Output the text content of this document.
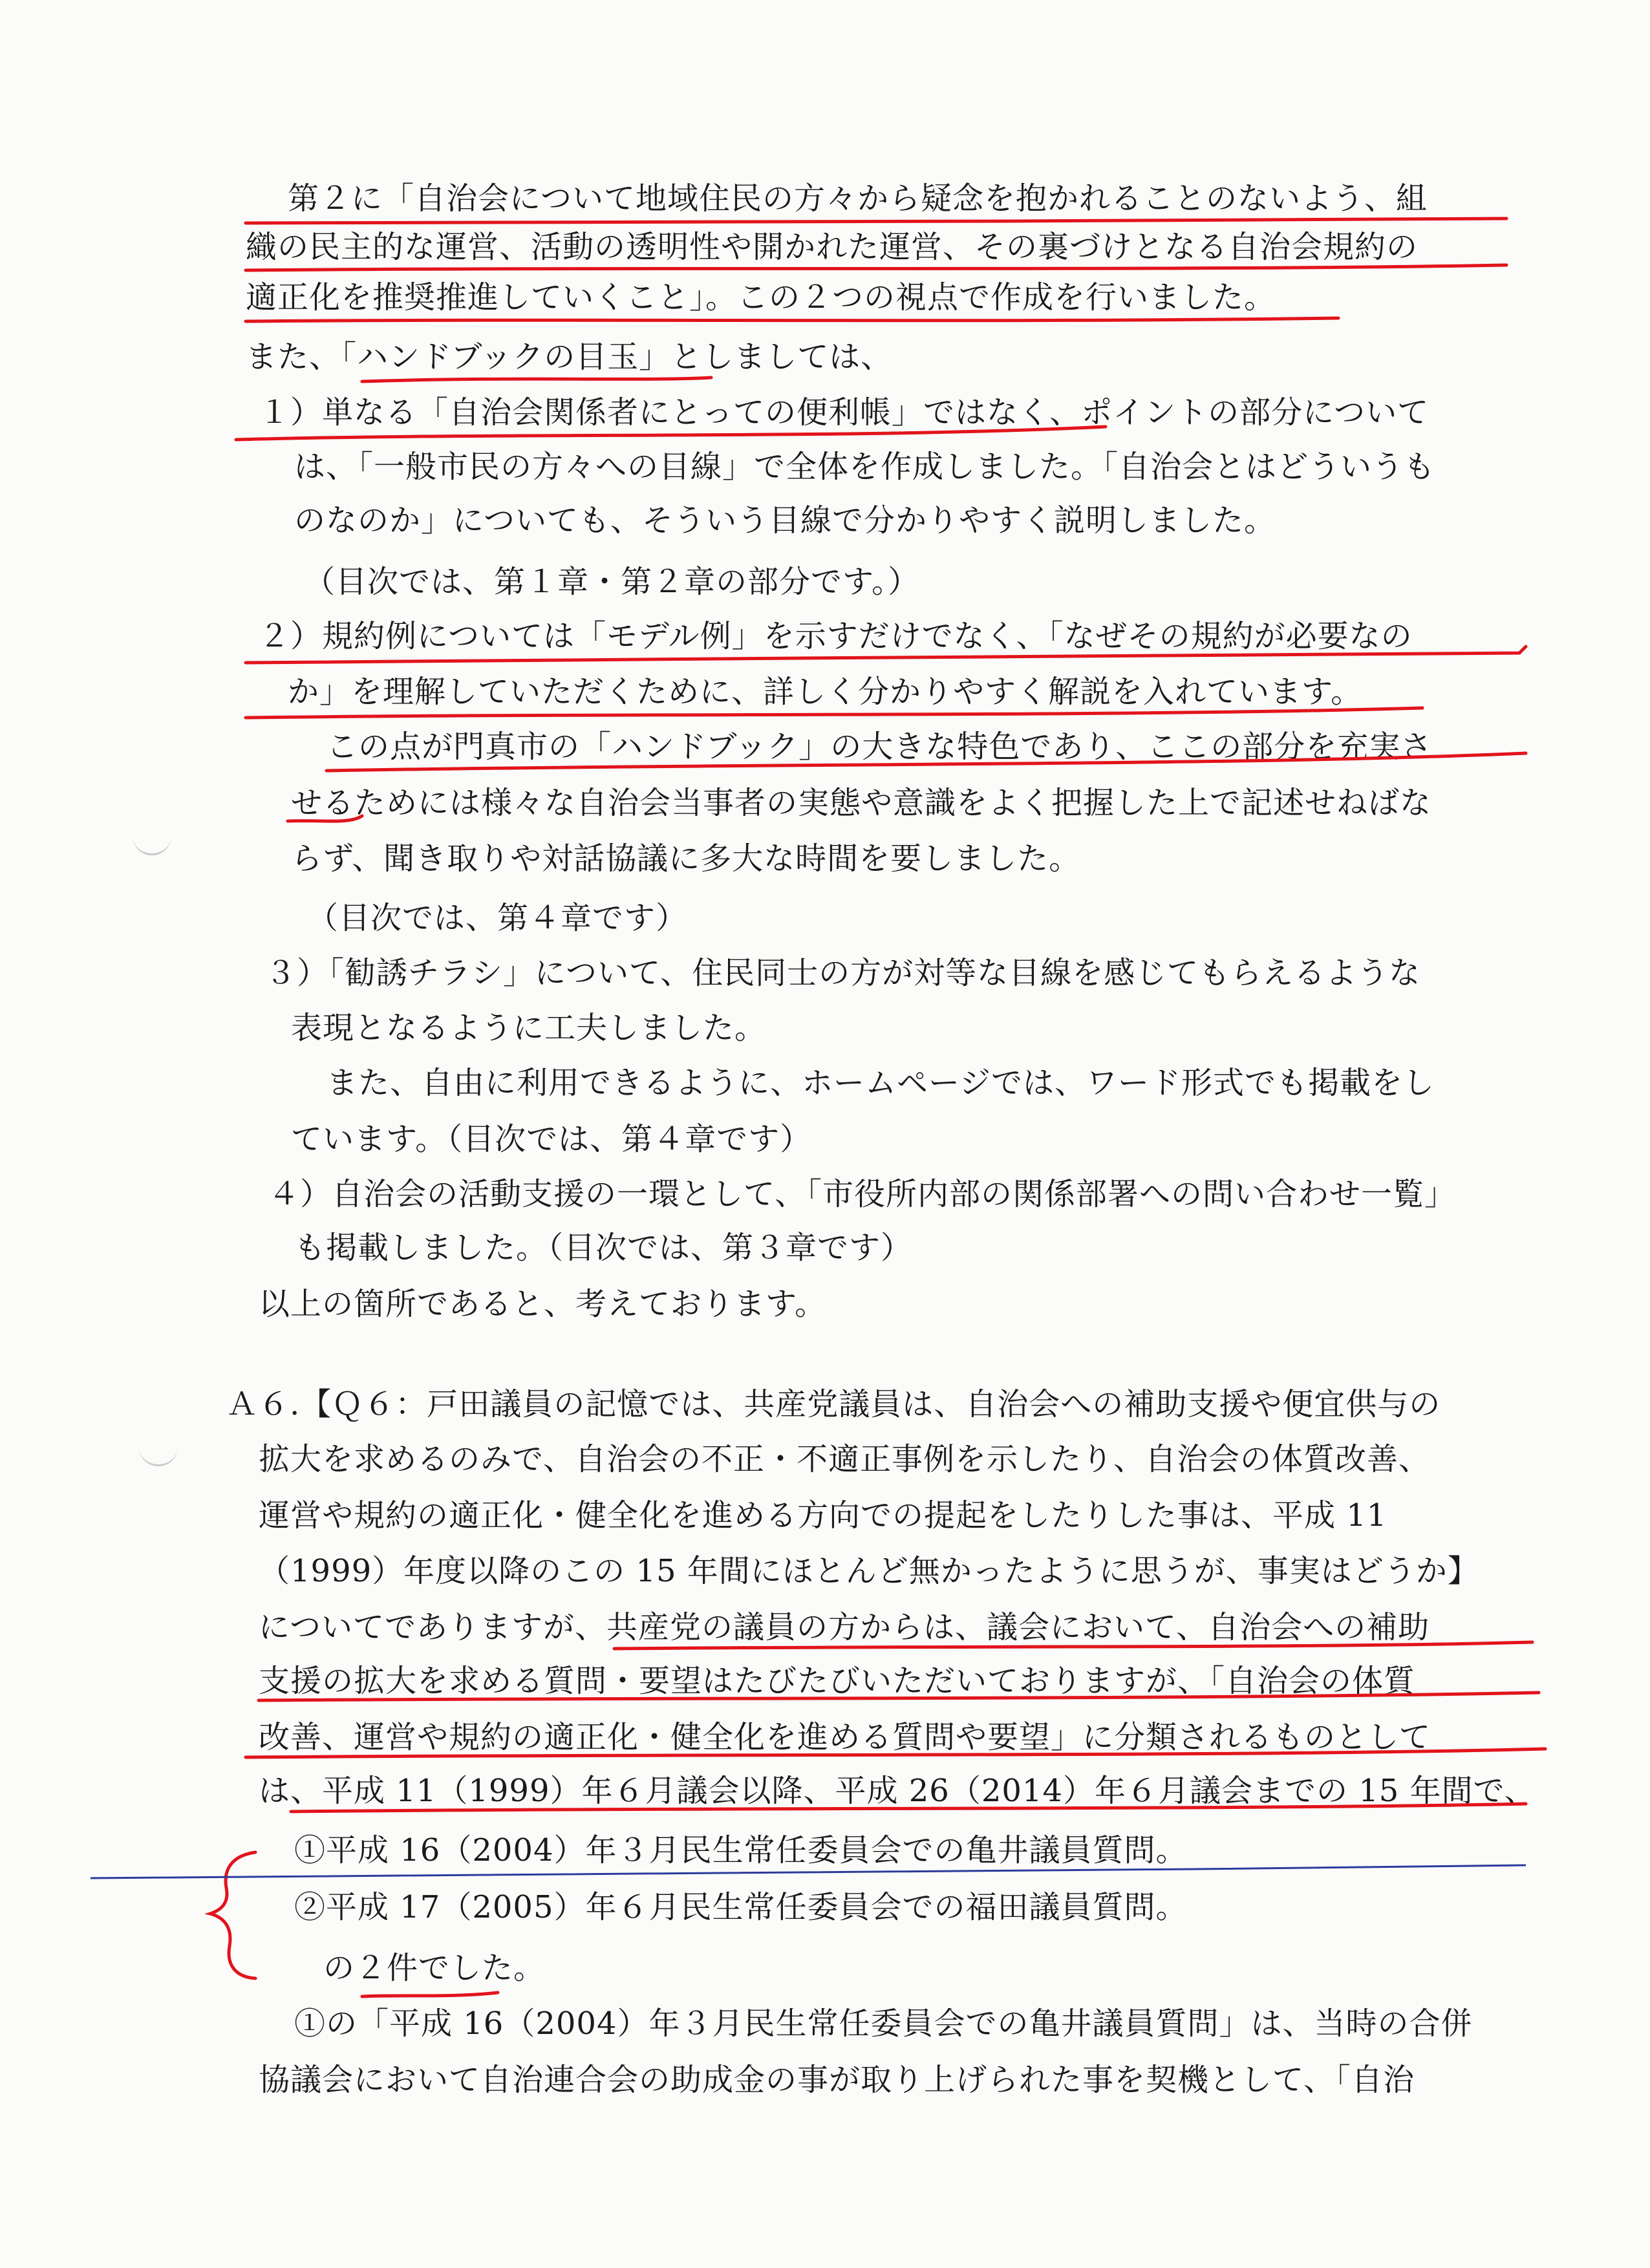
第２に「自治会について地域住民の方々から疑念を抱かれることのないよう、組
織の民主的な運営、活動の透明性や開かれた運営、その裏づけとなる自治会規約の
適正化を推奨推進していくこと」。この２つの視点で作成を行いました。
また、「ハンドブックの目玉」としましては、
１）単なる「自治会関係者にとっての便利帳」ではなく、ポイントの部分について
は、「一般市民の方々への目線」で全体を作成しました。「自治会とはどういうも
のなのか」についても、そういう目線で分かりやすく説明しました。
（目次では、第１章・第２章の部分です。）
２）規約例については「モデル例」を示すだけでなく、「なぜその規約が必要なの
か」を理解していただくために、詳しく分かりやすく解説を入れています。
この点が門真市の「ハンドブック」の大きな特色であり、ここの部分を充実さ
せるためには様々な自治会当事者の実態や意識をよく把握した上で記述せねばな
らず、聞き取りや対話協議に多大な時間を要しました。
（目次では、第４章です）
３）「勧誘チラシ」について、住民同士の方が対等な目線を感じてもらえるような
表現となるように工夫しました。
また、自由に利用できるように、ホームページでは、ワード形式でも掲載をし
ています。（目次では、第４章です）
４）自治会の活動支援の一環として、「市役所内部の関係部署への問い合わせ一覧」
も掲載しました。（目次では、第３章です）
以上の箇所であると、考えております。
Ａ６.【Ｑ６：戸田議員の記憶では、共産党議員は、自治会への補助支援や便宜供与の
拡大を求めるのみで、自治会の不正・不適正事例を示したり、自治会の体質改善、
運営や規約の適正化・健全化を進める方向での提起をしたりした事は、平成 11
（1999）年度以降のこの 15 年間にほとんど無かったように思うが、事実はどうか】
についてでありますが、共産党の議員の方からは、議会において、自治会への補助
支援の拡大を求める質問・要望はたびたびいただいておりますが、「自治会の体質
改善、運営や規約の適正化・健全化を進める質問や要望」に分類されるものとして
は、平成 11（1999）年６月議会以降、平成 26（2014）年６月議会までの 15 年間で、
①平成 16（2004）年３月民生常任委員会での亀井議員質問。
②平成 17（2005）年６月民生常任委員会での福田議員質問。
の２件でした。
①の「平成 16（2004）年３月民生常任委員会での亀井議員質問」は、当時の合併
協議会において自治連合会の助成金の事が取り上げられた事を契機として、「自治
